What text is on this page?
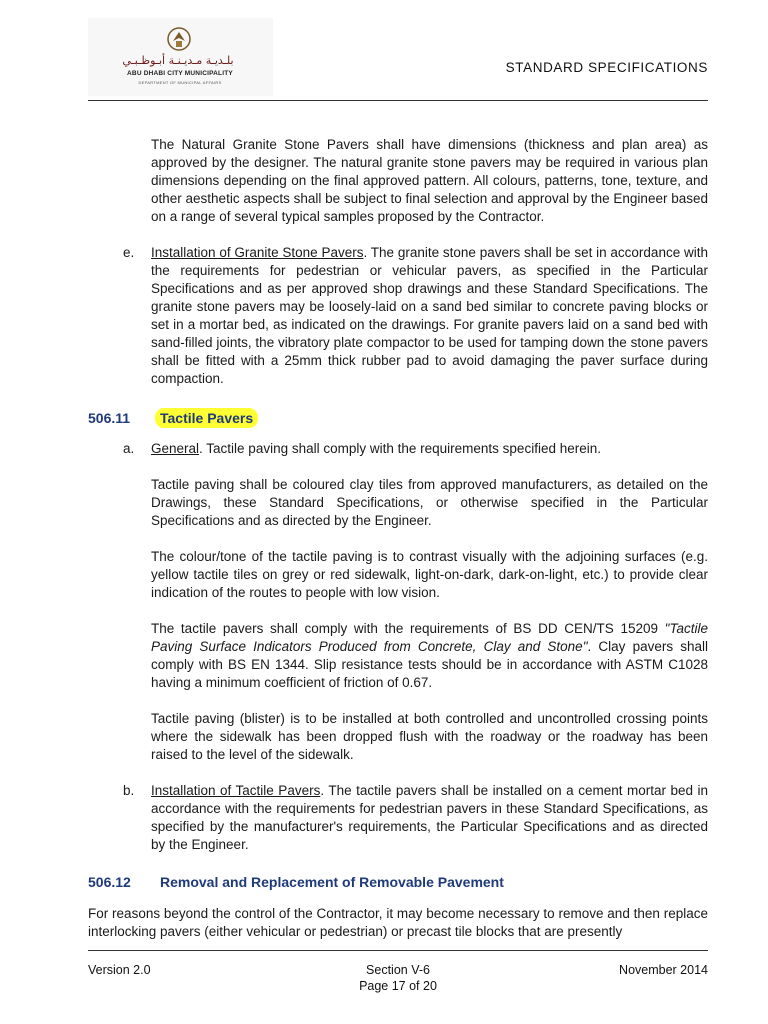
بلـديـة مـديـنـة أبـوظـبـي
ABU DHABI CITY MUNICIPALITY
DEPARTMENT OF MUNICIPAL AFFAIRS
STANDARD SPECIFICATIONS

The Natural Granite Stone Pavers shall have dimensions (thickness and plan area) as approved by the designer. The natural granite stone pavers may be required in various plan dimensions depending on the final approved pattern. All colours, patterns, tone, texture, and other aesthetic aspects shall be subject to final selection and approval by the Engineer based on a range of several typical samples proposed by the Contractor.

e. Installation of Granite Stone Pavers. The granite stone pavers shall be set in accordance with the requirements for pedestrian or vehicular pavers, as specified in the Particular Specifications and as per approved shop drawings and these Standard Specifications. The granite stone pavers may be loosely-laid on a sand bed similar to concrete paving blocks or set in a mortar bed, as indicated on the drawings. For granite pavers laid on a sand bed with sand-filled joints, the vibratory plate compactor to be used for tamping down the stone pavers shall be fitted with a 25mm thick rubber pad to avoid damaging the paver surface during compaction.
506.11 Tactile Pavers
a. General. Tactile paving shall comply with the requirements specified herein.

Tactile paving shall be coloured clay tiles from approved manufacturers, as detailed on the Drawings, these Standard Specifications, or otherwise specified in the Particular Specifications and as directed by the Engineer.

The colour/tone of the tactile paving is to contrast visually with the adjoining surfaces (e.g. yellow tactile tiles on grey or red sidewalk, light-on-dark, dark-on-light, etc.) to provide clear indication of the routes to people with low vision.

The tactile pavers shall comply with the requirements of BS DD CEN/TS 15209 "Tactile Paving Surface Indicators Produced from Concrete, Clay and Stone". Clay pavers shall comply with BS EN 1344. Slip resistance tests should be in accordance with ASTM C1028 having a minimum coefficient of friction of 0.67.

Tactile paving (blister) is to be installed at both controlled and uncontrolled crossing points where the sidewalk has been dropped flush with the roadway or the roadway has been raised to the level of the sidewalk.

b. Installation of Tactile Pavers. The tactile pavers shall be installed on a cement mortar bed in accordance with the requirements for pedestrian pavers in these Standard Specifications, as specified by the manufacturer's requirements, the Particular Specifications and as directed by the Engineer.
506.12 Removal and Replacement of Removable Pavement

For reasons beyond the control of the Contractor, it may become necessary to remove and then replace interlocking pavers (either vehicular or pedestrian) or precast tile blocks that are presently

Version 2.0	Section V-6
Page 17 of 20
November 2014
